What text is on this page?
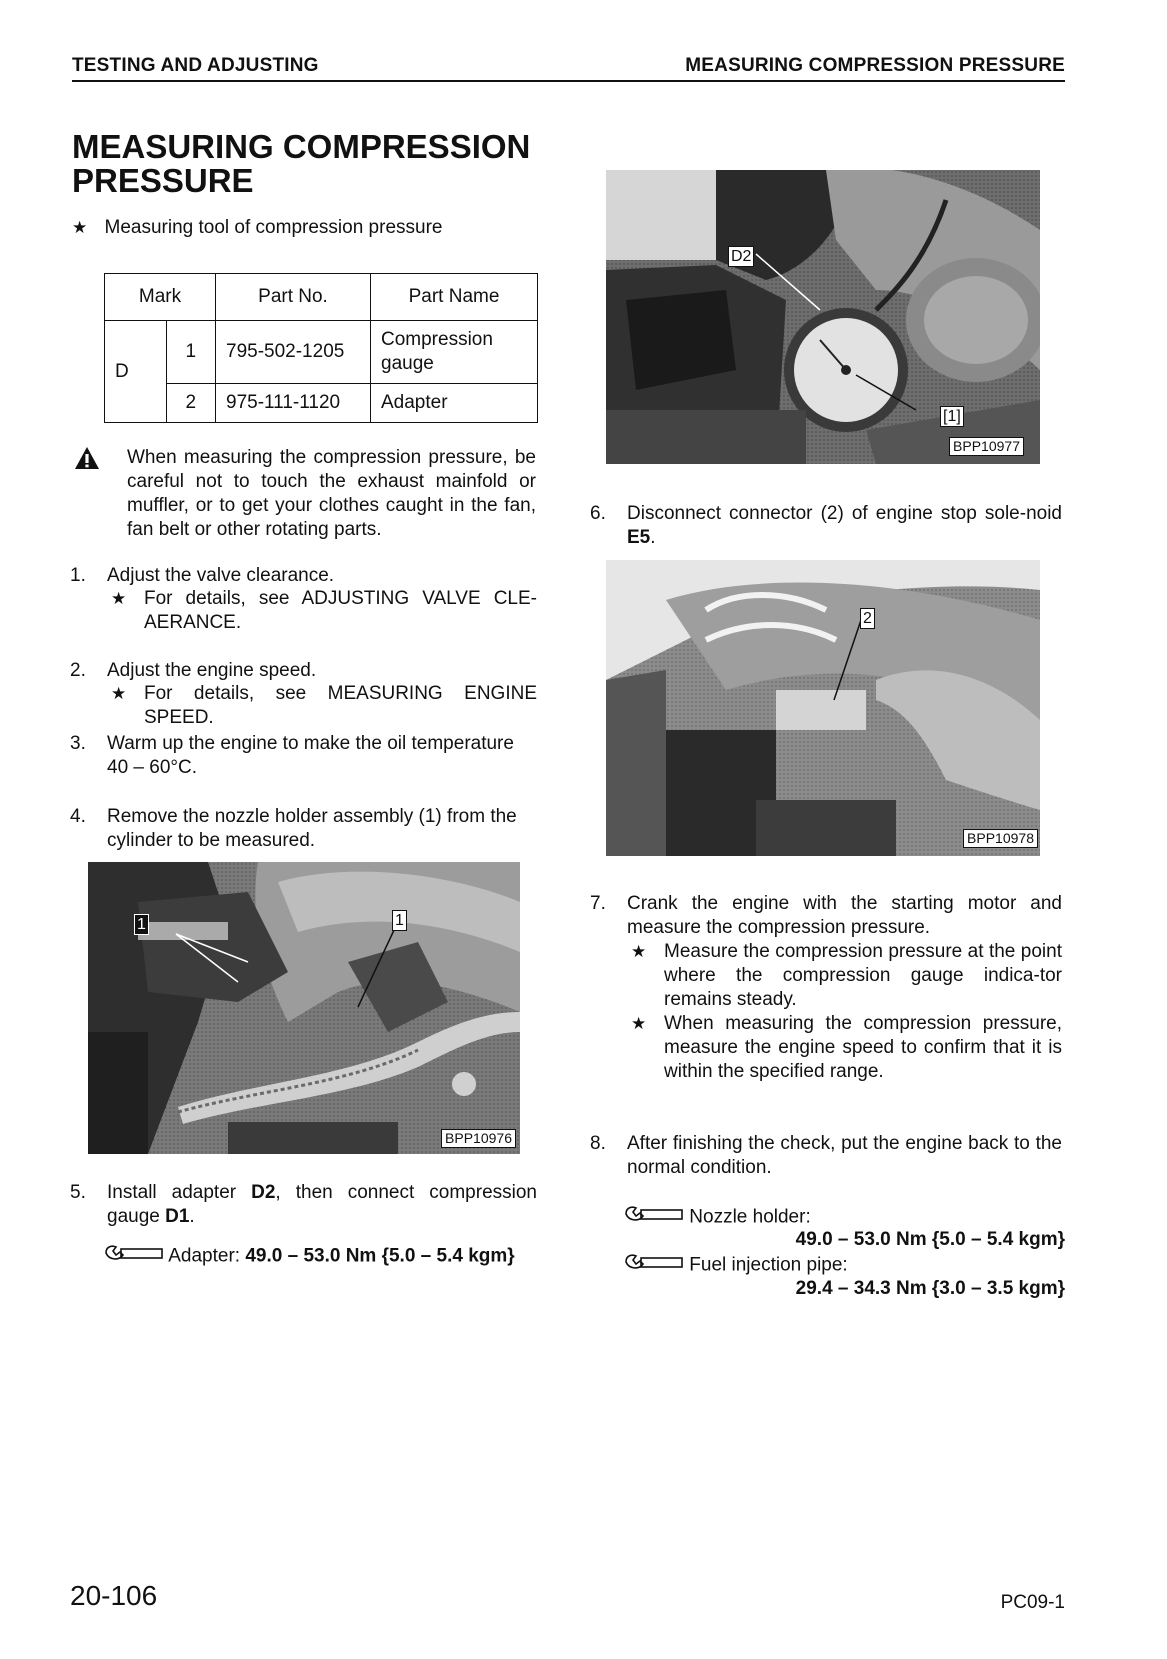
TESTING AND ADJUSTING	MEASURING COMPRESSION PRESSURE
MEASURING COMPRESSION PRESSURE
★ Measuring tool of compression pressure
Mark		Part No.	Part Name
D	1	795-502-1205	Compression gauge
	2	975-111-1120	Adapter
When measuring the compression pressure, be careful not to touch the exhaust mainfold or muffler, or to get your clothes caught in the fan, fan belt or other rotating parts.
1. Adjust the valve clearance.
★ For details, see ADJUSTING VALVE CLE-AERANCE.
2. Adjust the engine speed.
★ For details, see MEASURING ENGINE SPEED.
3. Warm up the engine to make the oil temperature 40 – 60°C.
4. Remove the nozzle holder assembly (1) from the cylinder to be measured.
1
1
BPP10976
5. Install adapter D2, then connect compression gauge D1.
Adapter: 49.0 – 53.0 Nm {5.0 – 5.4 kgm}
D2
[1]
BPP10977
6. Disconnect connector (2) of engine stop sole-noid E5.
2
BPP10978
7. Crank the engine with the starting motor and measure the compression pressure.
★ Measure the compression pressure at the point where the compression gauge indica-tor remains steady.
★ When measuring the compression pressure, measure the engine speed to confirm that it is within the specified range.
8. After finishing the check, put the engine back to the normal condition.
Nozzle holder:
49.0 – 53.0 Nm {5.0 – 5.4 kgm}
Fuel injection pipe:
29.4 – 34.3 Nm {3.0 – 3.5 kgm}
20-106	PC09-1
